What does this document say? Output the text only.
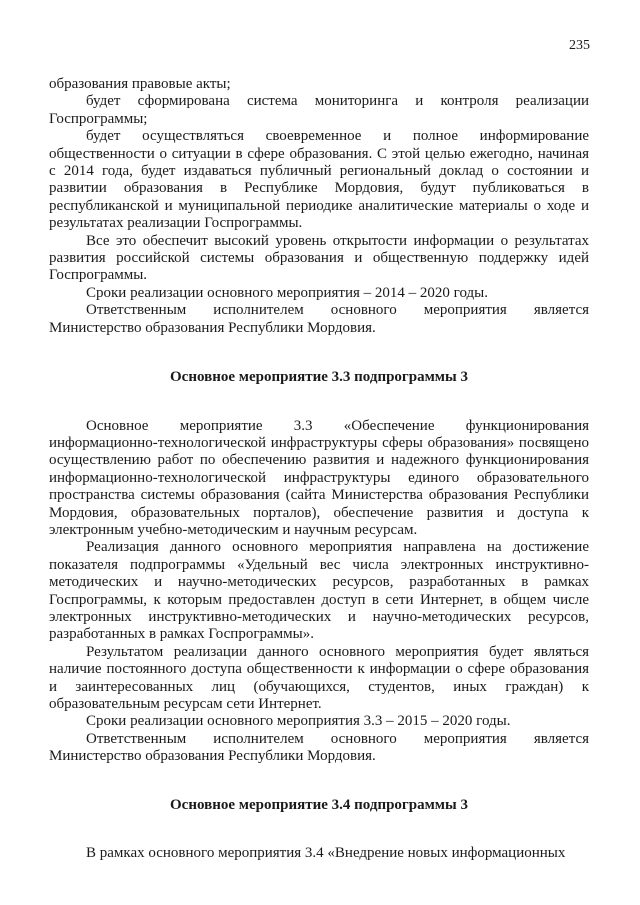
235

образования правовые акты;

будет сформирована система мониторинга и контроля реализации Госпрограммы;

будет осуществляться своевременное и полное информирование общественности о ситуации в сфере образования. С этой целью ежегодно, начиная с 2014 года, будет издаваться публичный региональный доклад о состоянии и развитии образования в Республике Мордовия, будут публиковаться в республиканской и муниципальной периодике аналитические материалы о ходе и результатах реализации Госпрограммы.

Все это обеспечит высокий уровень открытости информации о результатах развития российской системы образования и общественную поддержку идей Госпрограммы.

Сроки реализации основного мероприятия – 2014 – 2020 годы.

Ответственным исполнителем основного мероприятия является Министерство образования Республики Мордовия.

Основное мероприятие 3.3 подпрограммы 3

Основное мероприятие 3.3 «Обеспечение функционирования информационно-технологической инфраструктуры сферы образования» посвящено осуществлению работ по обеспечению развития и надежного функционирования информационно-технологической инфраструктуры единого образовательного пространства системы образования (сайта Министерства образования Республики Мордовия, образовательных порталов), обеспечение развития и доступа к электронным учебно-методическим и научным ресурсам.

Реализация данного основного мероприятия направлена на достижение показателя подпрограммы «Удельный вес числа электронных инструктивно-методических и научно-методических ресурсов, разработанных в рамках Госпрограммы, к которым предоставлен доступ в сети Интернет, в общем числе электронных инструктивно-методических и научно-методических ресурсов, разработанных в рамках Госпрограммы».

Результатом реализации данного основного мероприятия будет являться наличие постоянного доступа общественности к информации о сфере образования и заинтересованных лиц (обучающихся, студентов, иных граждан) к образовательным ресурсам сети Интернет.

Сроки реализации основного мероприятия 3.3 – 2015 – 2020 годы.

Ответственным исполнителем основного мероприятия является Министерство образования Республики Мордовия.

Основное мероприятие 3.4 подпрограммы 3

В рамках основного мероприятия 3.4 «Внедрение новых информационных
